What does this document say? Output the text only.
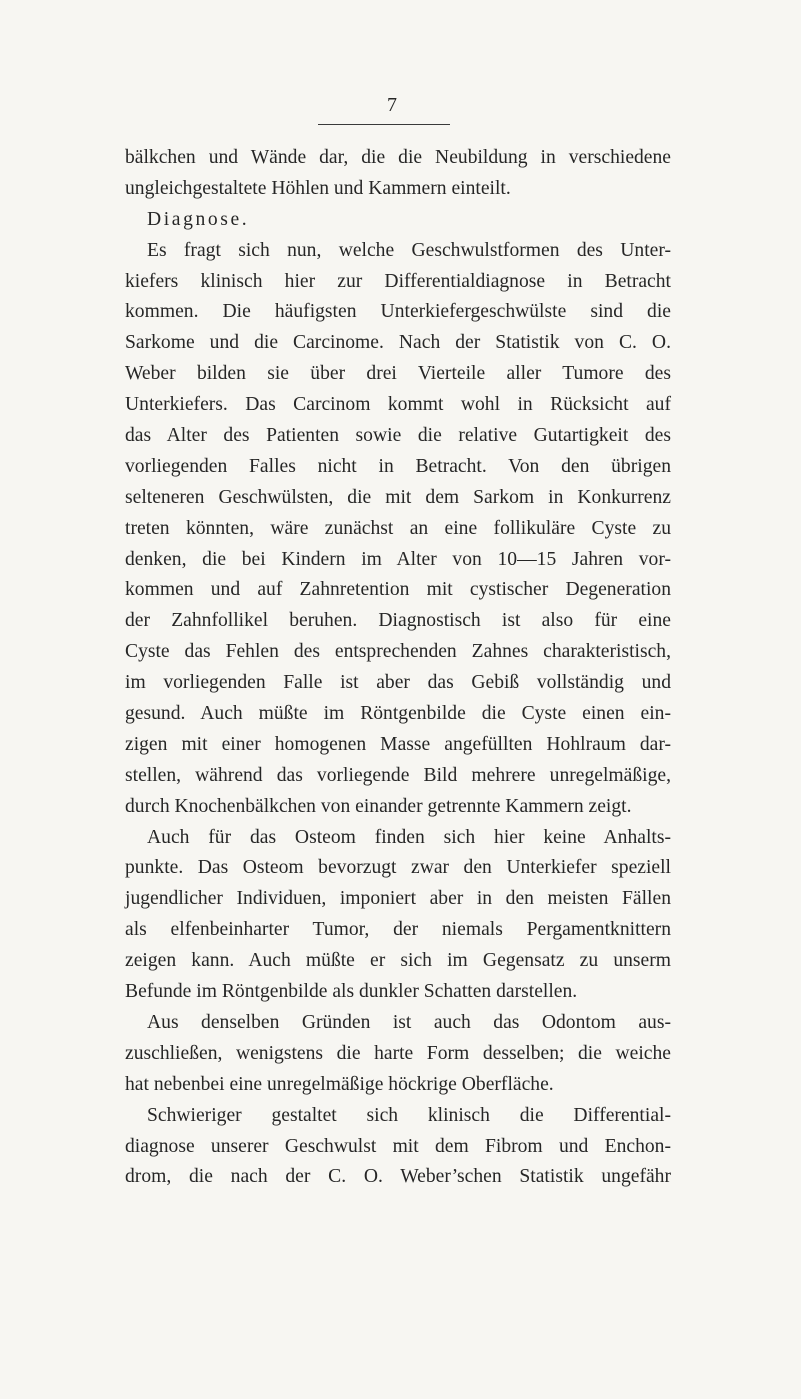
7
bälkchen und Wände dar, die die Neubildung in verschiedene
ungleichgestaltete Höhlen und Kammern einteilt.
Diagnose.
Es fragt sich nun, welche Geschwulstformen des Unter-
kiefers klinisch hier zur Differentialdiagnose in Betracht
kommen. Die häufigsten Unterkiefergeschwülste sind die
Sarkome und die Carcinome. Nach der Statistik von C. O.
Weber bilden sie über drei Vierteile aller Tumore des
Unterkiefers. Das Carcinom kommt wohl in Rücksicht auf
das Alter des Patienten sowie die relative Gutartigkeit des
vorliegenden Falles nicht in Betracht. Von den übrigen
selteneren Geschwülsten, die mit dem Sarkom in Konkurrenz
treten könnten, wäre zunächst an eine follikuläre Cyste zu
denken, die bei Kindern im Alter von 10—15 Jahren vor-
kommen und auf Zahnretention mit cystischer Degeneration
der Zahnfollikel beruhen. Diagnostisch ist also für eine
Cyste das Fehlen des entsprechenden Zahnes charakteristisch,
im vorliegenden Falle ist aber das Gebiß vollständig und
gesund. Auch müßte im Röntgenbilde die Cyste einen ein-
zigen mit einer homogenen Masse angefüllten Hohlraum dar-
stellen, während das vorliegende Bild mehrere unregelmäßige,
durch Knochenbälkchen von einander getrennte Kammern zeigt.
Auch für das Osteom finden sich hier keine Anhalts-
punkte. Das Osteom bevorzugt zwar den Unterkiefer speziell
jugendlicher Individuen, imponiert aber in den meisten Fällen
als elfenbeinharter Tumor, der niemals Pergamentknittern
zeigen kann. Auch müßte er sich im Gegensatz zu unserm
Befunde im Röntgenbilde als dunkler Schatten darstellen.
Aus denselben Gründen ist auch das Odontom aus-
zuschließen, wenigstens die harte Form desselben; die weiche
hat nebenbei eine unregelmäßige höckrige Oberfläche.
Schwieriger gestaltet sich klinisch die Differential-
diagnose unserer Geschwulst mit dem Fibrom und Enchon-
drom, die nach der C. O. Weber’schen Statistik ungefähr
